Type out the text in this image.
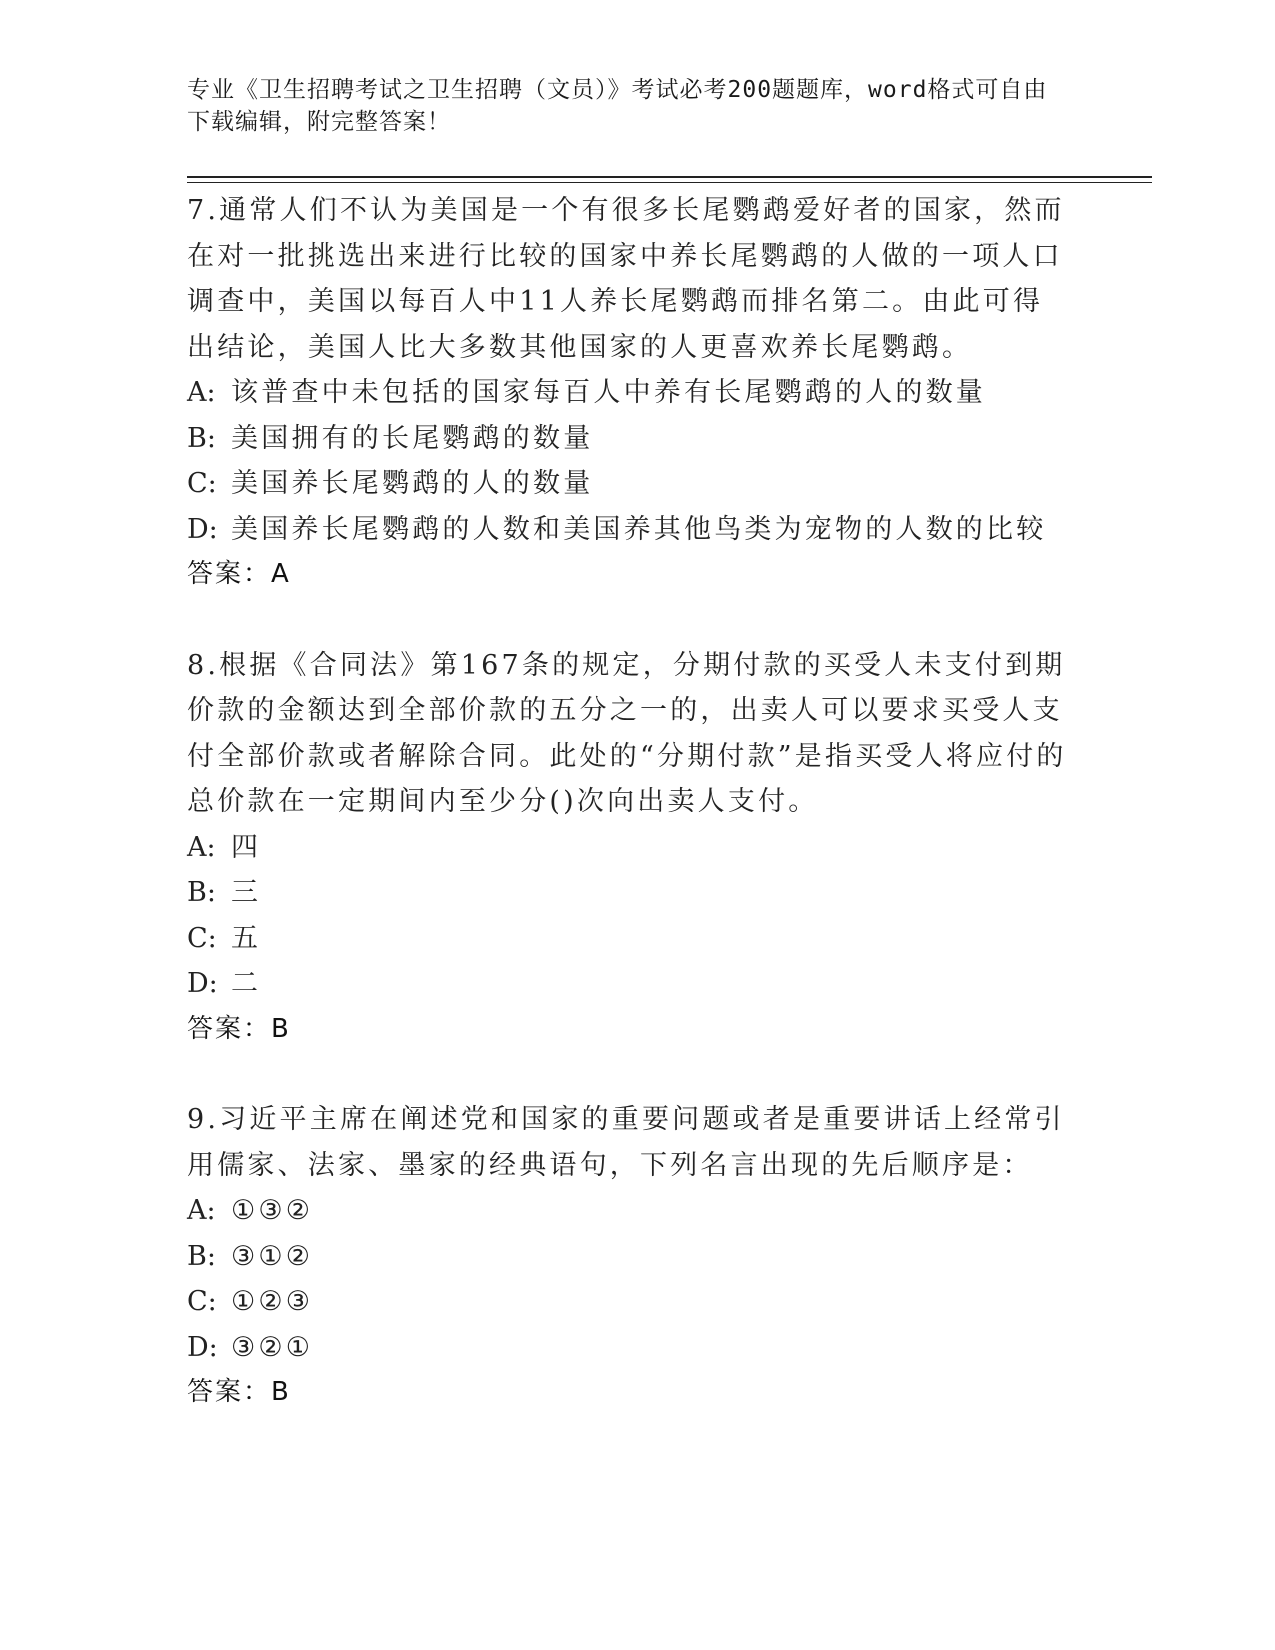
专业《卫生招聘考试之卫生招聘（文员）》考试必考200题题库，word格式可自由下载编辑，附完整答案！

7.通常人们不认为美国是一个有很多长尾鹦鹉爱好者的国家，然而在对一批挑选出来进行比较的国家中养长尾鹦鹉的人做的一项人口调查中，美国以每百人中11人养长尾鹦鹉而排名第二。由此可得出结论，美国人比大多数其他国家的人更喜欢养长尾鹦鹉。

A: 该普查中未包括的国家每百人中养有长尾鹦鹉的人的数量

B: 美国拥有的长尾鹦鹉的数量

C: 美国养长尾鹦鹉的人的数量

D: 美国养长尾鹦鹉的人数和美国养其他鸟类为宠物的人数的比较

答案：A

8.根据《合同法》第167条的规定，分期付款的买受人未支付到期价款的金额达到全部价款的五分之一的，出卖人可以要求买受人支付全部价款或者解除合同。此处的“分期付款”是指买受人将应付的总价款在一定期间内至少分()次向出卖人支付。

A: 四

B: 三

C: 五

D: 二

答案：B

9.习近平主席在阐述党和国家的重要问题或者是重要讲话上经常引用儒家、法家、墨家的经典语句，下列名言出现的先后顺序是：

A: ①③②

B: ③①②

C: ①②③

D: ③②①

答案：B
